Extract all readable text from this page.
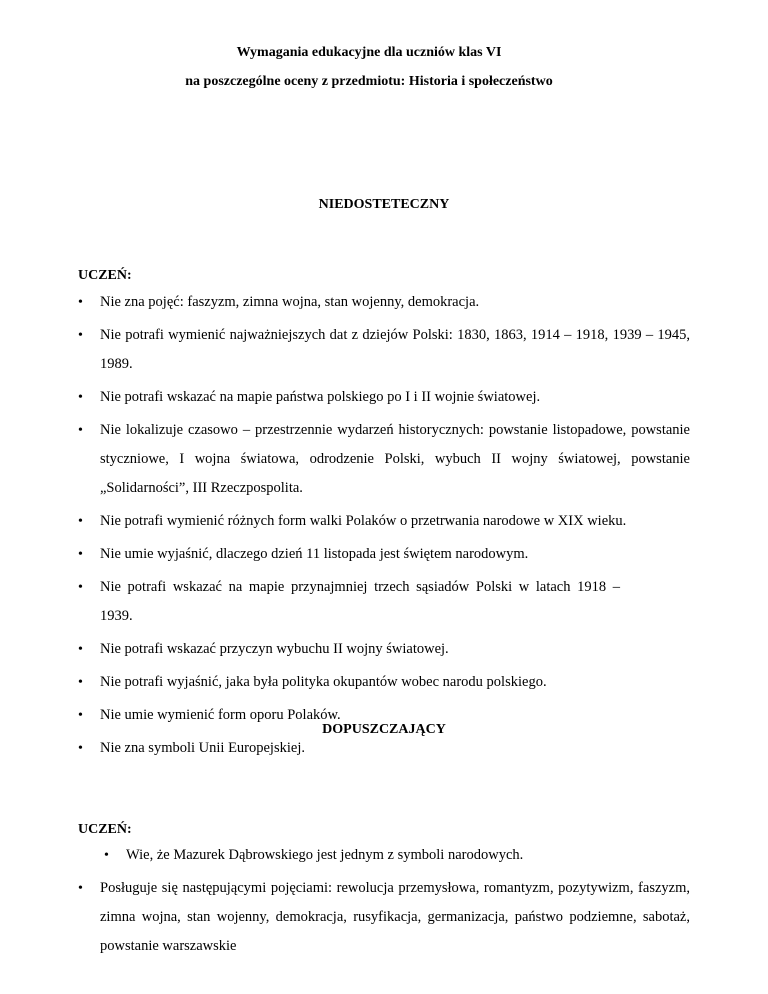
Wymagania edukacyjne dla uczniów klas VI
na poszczególne oceny z przedmiotu: Historia i społeczeństwo
NIEDOSTETECZNY
UCZEŃ:
• Nie zna pojęć: faszyzm, zimna wojna, stan wojenny, demokracja.
• Nie potrafi wymienić najważniejszych dat z dziejów Polski: 1830, 1863, 1914 – 1918, 1939 – 1945, 1989.
• Nie potrafi wskazać na mapie państwa polskiego po I i II wojnie światowej.
• Nie lokalizuje czasowo – przestrzennie wydarzeń historycznych: powstanie listopadowe, powstanie styczniowe, I wojna światowa, odrodzenie Polski, wybuch II wojny światowej, powstanie „Solidarności”, III Rzeczpospolita.
• Nie potrafi wymienić różnych form walki Polaków o przetrwania narodowe w XIX wieku.
• Nie umie wyjaśnić, dlaczego dzień 11 listopada jest świętem narodowym.
• Nie potrafi wskazać na mapie przynajmniej trzech sąsiadów Polski w latach 1918 – 1939.
• Nie potrafi wskazać przyczyn wybuchu II wojny światowej.
• Nie potrafi wyjaśnić, jaka była polityka okupantów wobec narodu polskiego.
• Nie umie wymienić form oporu Polaków.
• Nie zna symboli Unii Europejskiej.
DOPUSZCZAJĄCY
UCZEŃ:
• Wie, że Mazurek Dąbrowskiego jest jednym z symboli narodowych.
• Posługuje się następującymi pojęciami: rewolucja przemysłowa, romantyzm, pozytywizm, faszyzm, zimna wojna, stan wojenny, demokracja, rusyfikacja, germanizacja, państwo podziemne, sabotaż, powstanie warszawskie
